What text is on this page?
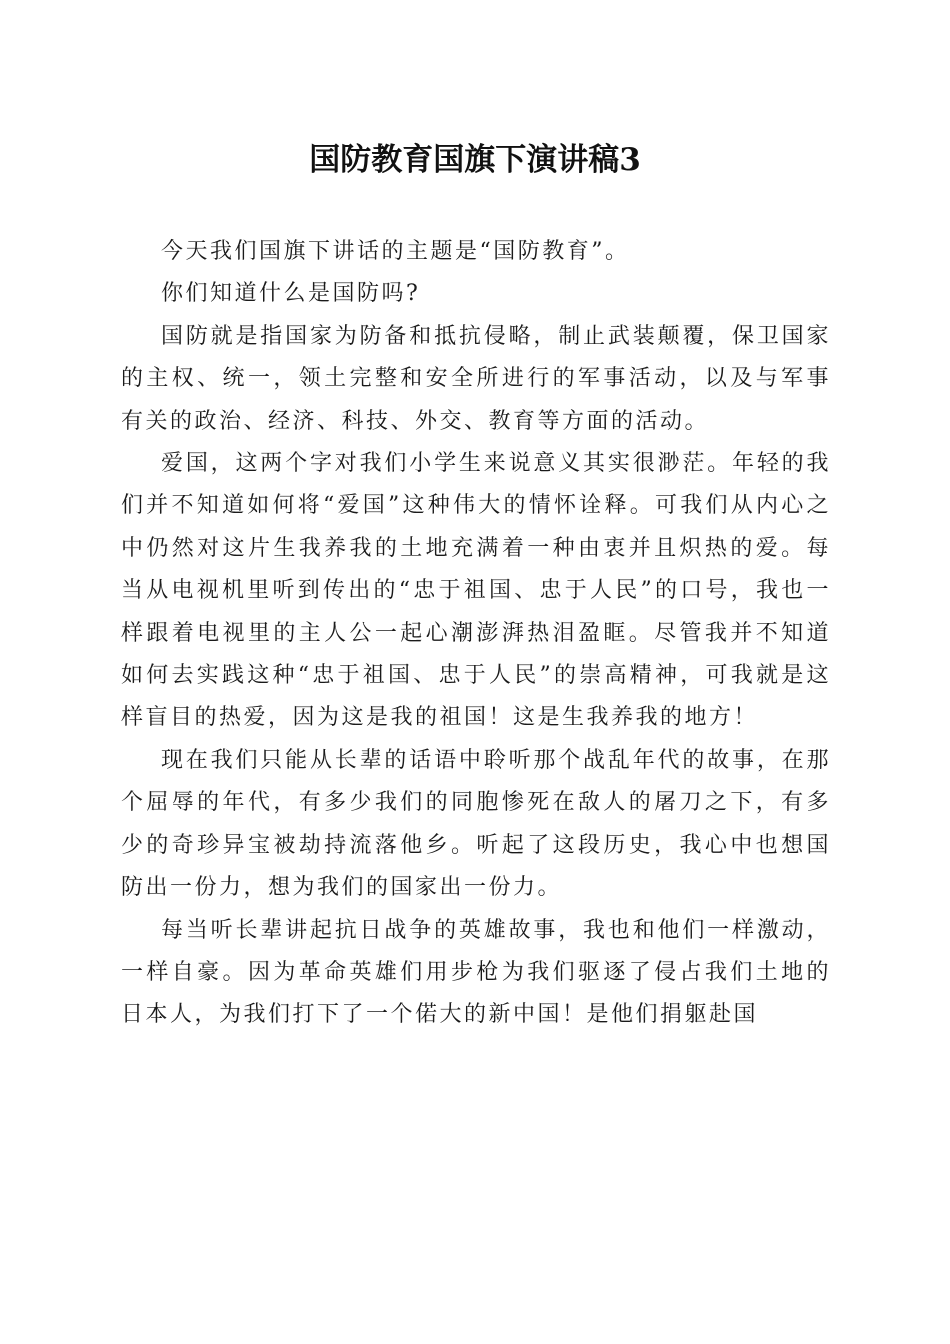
国防教育国旗下演讲稿3

今天我们国旗下讲话的主题是“国防教育”。

你们知道什么是国防吗?

国防就是指国家为防备和抵抗侵略，制止武装颠覆，保卫国家的主权、统一，领土完整和安全所进行的军事活动，以及与军事有关的政治、经济、科技、外交、教育等方面的活动。

爱国，这两个字对我们小学生来说意义其实很渺茫。年轻的我们并不知道如何将“爱国”这种伟大的情怀诠释。可我们从内心之中仍然对这片生我养我的土地充满着一种由衷并且炽热的爱。每当从电视机里听到传出的“忠于祖国、忠于人民”的口号，我也一样跟着电视里的主人公一起心潮澎湃热泪盈眶。尽管我并不知道如何去实践这种“忠于祖国、忠于人民”的崇高精神，可我就是这样盲目的热爱，因为这是我的祖国！这是生我养我的地方！

现在我们只能从长辈的话语中聆听那个战乱年代的故事，在那个屈辱的年代，有多少我们的同胞惨死在敌人的屠刀之下，有多少的奇珍异宝被劫持流落他乡。听起了这段历史，我心中也想国防出一份力，想为我们的国家出一份力。

每当听长辈讲起抗日战争的英雄故事，我也和他们一样激动，一样自豪。因为革命英雄们用步枪为我们驱逐了侵占我们土地的日本人，为我们打下了一个偌大的新中国！是他们捐躯赴国
